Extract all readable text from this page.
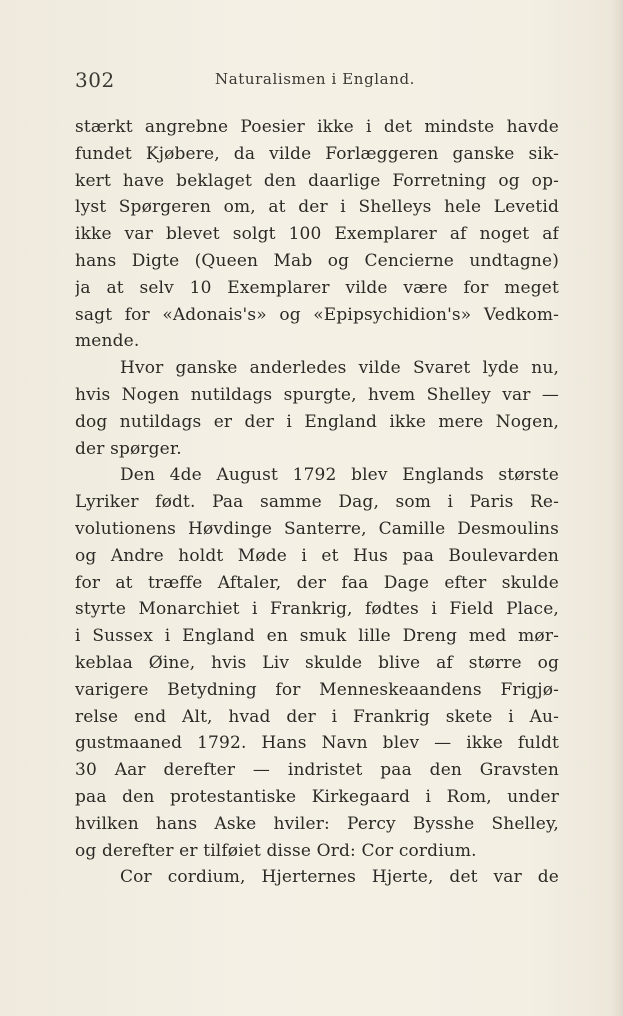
302	Naturalismen i England.
stærkt angrebne Poesier ikke i det mindste havde
fundet Kjøbere, da vilde Forlæggeren ganske sik-
kert have beklaget den daarlige Forretning og op-
lyst Spørgeren om, at der i Shelleys hele Levetid
ikke var blevet solgt 100 Exemplarer af noget af
hans Digte (Queen Mab og Cencierne undtagne)
ja at selv 10 Exemplarer vilde være for meget
sagt for «Adonais's» og «Epipsychidion's» Vedkom-
mende.
Hvor ganske anderledes vilde Svaret lyde nu,
hvis Nogen nutildags spurgte, hvem Shelley var —
dog nutildags er der i England ikke mere Nogen,
der spørger.
Den 4de August 1792 blev Englands største
Lyriker født. Paa samme Dag, som i Paris Re-
volutionens Høvdinge Santerre, Camille Desmoulins
og Andre holdt Møde i et Hus paa Boulevarden
for at træffe Aftaler, der faa Dage efter skulde
styrte Monarchiet i Frankrig, fødtes i Field Place,
i Sussex i England en smuk lille Dreng med mør-
keblaa Øine, hvis Liv skulde blive af større og
varigere Betydning for Menneskeaandens Frigjø-
relse end Alt, hvad der i Frankrig skete i Au-
gustmaaned 1792. Hans Navn blev — ikke fuldt
30 Aar derefter — indristet paa den Gravsten
paa den protestantiske Kirkegaard i Rom, under
hvilken hans Aske hviler: Percy Bysshe Shelley,
og derefter er tilføiet disse Ord: Cor cordium.
Cor cordium, Hjerternes Hjerte, det var de
